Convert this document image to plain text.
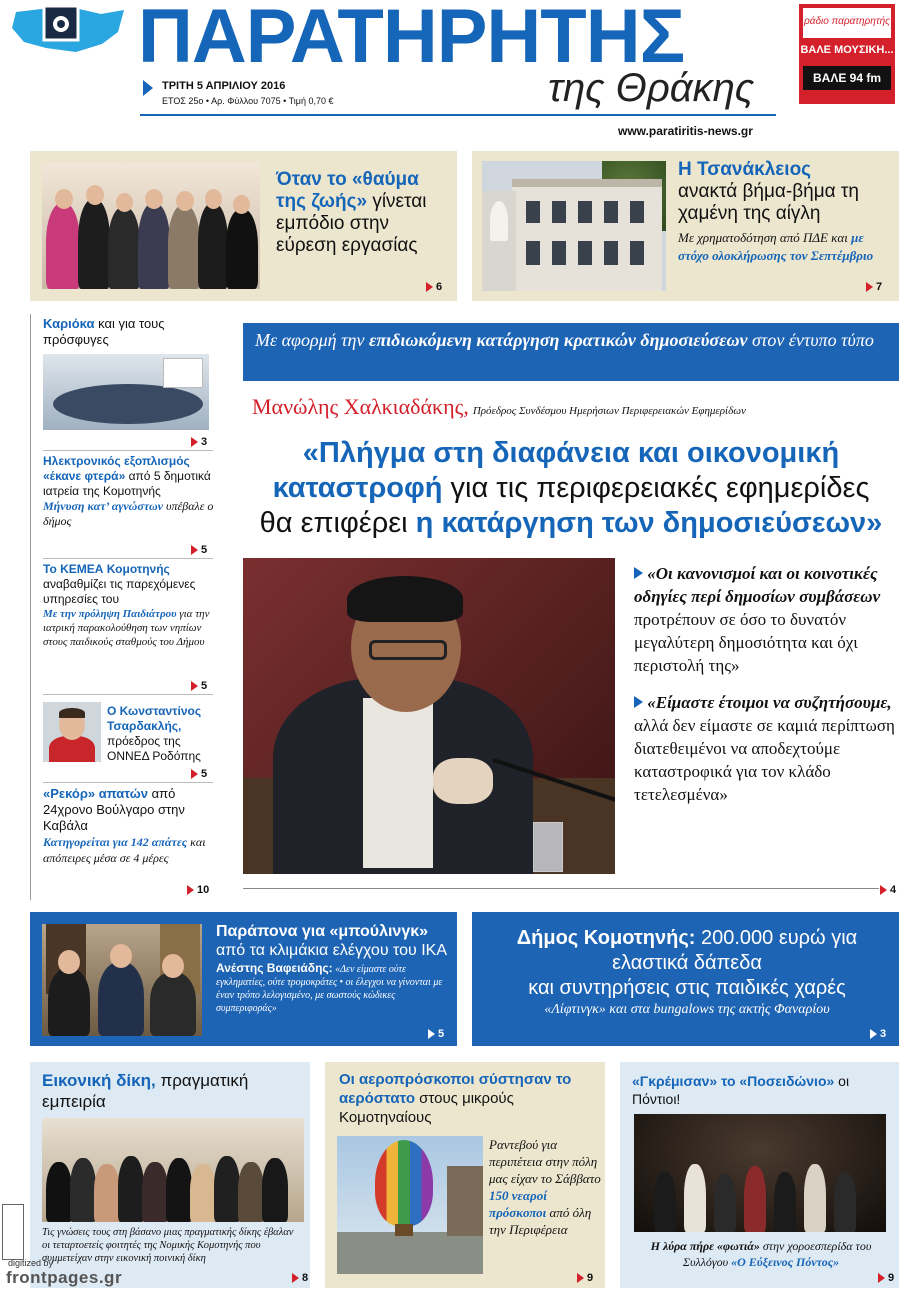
ΠΑΡΑΤΗΡΗΤΗΣ
ΤΡΙΤΗ 5 ΑΠΡΙΛΙΟΥ 2016
ΕΤΟΣ 25ο • Αρ. Φύλλου 7075 • Τιμή 0,70 €	της Θράκης
www.paratiritis-news.gr
ράδιο παρατηρητής
ΒΑΛΕ ΜΟΥΣΙΚΗ...
ΒΑΛΕ 94 fm
Όταν το «θαύμα της ζωής» γίνεται εμπόδιο στην εύρεση εργασίας
6
Η Τσανάκλειος
ανακτά βήμα-βήμα τη χαμένη της αίγλη
Με χρηματοδότηση από ΠΔΕ και με στόχο ολοκλήρωσης τον Σεπτέμβριο
7
Καριόκα και για τους πρόσφυγες
3
Ηλεκτρονικός εξοπλισμός «έκανε φτερά» από 5 δημοτικά ιατρεία της Κομοτηνής
Μήνυση κατ’ αγνώστων υπέβαλε ο δήμος
5
Το ΚΕΜΕΑ Κομοτηνής αναβαθμίζει τις παρεχόμενες υπηρεσίες του
Με την πρόληψη Παιδιάτρου για την ιατρική παρακολούθηση των νηπίων στους παιδικούς σταθμούς του Δήμου
5
Ο Κωνσταντίνος Τσαρδακλής,
πρόεδρος της ΟΝΝΕΔ Ροδόπης
5
«Ρεκόρ» απατών από 24χρονο Βούλγαρο στην Καβάλα
Κατηγορείται για 142 απάτες και απόπειρες μέσα σε 4 μέρες
10
Με αφορμή την επιδιωκόμενη κατάργηση κρατικών δημοσιεύσεων στον έντυπο τύπο
Μανώλης Χαλκιαδάκης, Πρόεδρος Συνδέσμου Ημερήσιων Περιφερειακών Εφημερίδων
«Πλήγμα στη διαφάνεια και οικονομική
καταστροφή για τις περιφερειακές εφημερίδες
θα επιφέρει η κατάργηση των δημοσιεύσεων»
«Οι κανονισμοί και οι κοινοτικές οδηγίες περί δημοσίων συμβάσεων προτρέπουν σε όσο το δυνατόν μεγαλύτερη δημοσιότητα και όχι περιστολή της»
«Είμαστε έτοιμοι να συζητήσουμε, αλλά δεν είμαστε σε καμιά περίπτωση διατεθειμένοι να αποδεχτούμε καταστροφικά για τον κλάδο τετελεσμένα»
4
Παράπονα για «μπούλινγκ»
από τα κλιμάκια ελέγχου του ΙΚΑ
Ανέστης Βαφειάδης: «Δεν είμαστε ούτε εγκληματίες, ούτε τρομοκράτες • οι έλεγχοι να γίνονται με έναν τρόπο λελογισμένο, με σωστούς κώδικες συμπεριφοράς»
5
Δήμος Κομοτηνής: 200.000 ευρώ για ελαστικά δάπεδα
και συντηρήσεις στις παιδικές χαρές
«Λίφτινγκ» και στα bungalows της ακτής Φαναρίου
3
Εικονική δίκη, πραγματική εμπειρία
Τις γνώσεις τους στη βάσανο μιας πραγματικής δίκης έβαλαν οι τεταρτοετείς φοιτητές της Νομικής Κομοτηνής που συμμετείχαν στην εικονική ποινική δίκη
8
Οι αεροπρόσκοποι σύστησαν το αερόστατο στους μικρούς Κομοτηναίους
Ραντεβού για περιπέτεια στην πόλη μας είχαν το Σάββατο 150 νεαροί πρόσκοποι από όλη την Περιφέρεια
9
«Γκρέμισαν» το «Ποσειδώνιο» οι Πόντιοι!
Η λύρα πήρε «φωτιά» στην χοροεσπερίδα του Συλλόγου «Ο Εύξεινος Πόντος»
9
digitized by
frontpages.gr
